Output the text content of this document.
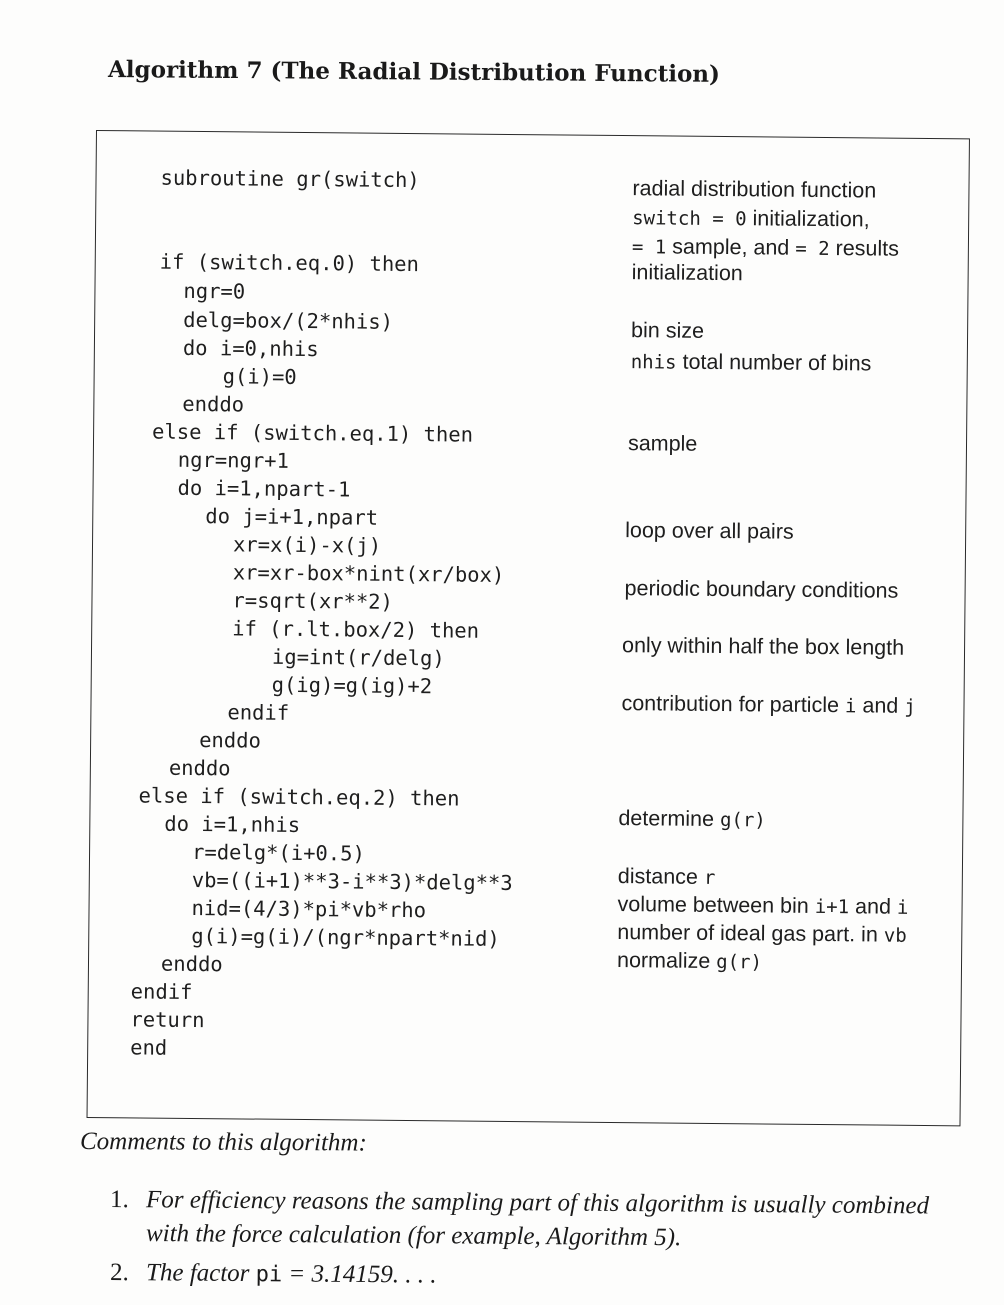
Algorithm 7 (The Radial Distribution Function)

subroutine gr(switch)

if (switch.eq.0) then

ngr=0

delg=box/(2*nhis)

do i=0,nhis

g(i)=0

enddo

else if (switch.eq.1) then

ngr=ngr+1

do i=1,npart-1

do j=i+1,npart

xr=x(i)-x(j)

xr=xr-box*nint(xr/box)

r=sqrt(xr**2)

if (r.lt.box/2) then

ig=int(r/delg)

g(ig)=g(ig)+2

endif

enddo

enddo

else if (switch.eq.2) then

do i=1,nhis

r=delg*(i+0.5)

vb=((i+1)**3-i**3)*delg**3

nid=(4/3)*pi*vb*rho

g(i)=g(i)/(ngr*npart*nid)

enddo

endif

return

end

radial distribution function
switch = 0 initialization,
= 1 sample, and = 2 results
initialization
bin size
nhis total number of bins
sample
loop over all pairs
periodic boundary conditions
only within half the box length
contribution for particle i and j
determine g(r)
distance r
volume between bin i+1 and i
number of ideal gas part. in vb
normalize g(r)
Comments to this algorithm:
1. For efficiency reasons the sampling part of this algorithm is usually combined
with the force calculation (for example, Algorithm 5).
2. The factor pi = 3.14159. . . .
